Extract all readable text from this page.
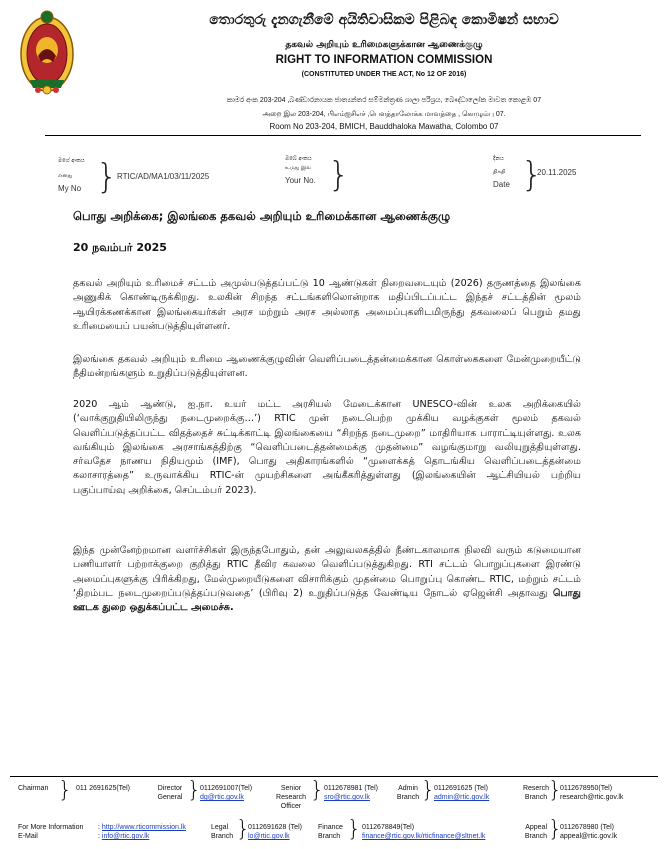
තොරතුරු දැනගැනීමේ අයිතිවාසිකම පිළිබඳ කොමිෂන් සභාව
தகவல் அறியும் உரிமைகளுக்கான ஆணைக்குழு
RIGHT TO INFORMATION COMMISSION
(CONSTITUTED UNDER THE ACT, No 12 OF 2016)
කාමර අංක 203-204 ,බණ්ඩාරනායක ජාත්‍යන්තර සම්මන්ත්‍රණ ශාලා පරිශ්‍රය, බෞද්ධාලෝක මාවත කොළඹ 07
அறை இல 203-204, பிஎம்ஐசிஎச் ,பௌத்தாலோக்க மாவத்தை , கொழும்பு 07.
Room No 203-204, BMICH, Bauddhaloka Mawatha, Colombo 07
මගේ අංකය
எனது
My No } RTIC/AD/MA1/03/11/2025
ඔබේ අංකය
உமது இல
Your No. }	දිනය
திகதி
Date }
20.11.2025
பொது அறிக்கை; இலங்கை தகவல் அறியும் உரிமைக்கான ஆணைக்குழு
20 நவம்பர் 2025
தகவல் அறியும் உரிமைச் சட்டம் அமுல்படுத்தப்பட்டு 10 ஆண்டுகள் நிறைவடையும் (2026) தருணத்தை இலங்கை அணுகிக் கொண்டிருக்கிறது. உலகின் சிறந்த சட்டங்களிலொன்றாக மதிப்பிடப்பட்ட இந்தச் சட்டத்தின் மூலம் ஆயிரக்கணக்கான இலங்கையர்கள் அரச மற்றும் அரச அல்லாத அமைப்புகளிடமிருந்து தகவலைப் பெறும் தமது உரிமையைப் பயன்படுத்தியுள்ளனர்.
இலங்கை தகவல் அறியும் உரிமை ஆணைக்குழுவின் வெளிப்படைத்தன்மைக்கான கொள்கைகளை மேன்முறையீட்டு நீதிமன்றங்களும் உறுதிப்படுத்தியுள்ளன.
2020 ஆம் ஆண்டு, ஐ.நா. உயர் மட்ட அரசியல் மேடைக்கான UNESCO-வின் உலக அறிக்கையில் (‘வாக்குறுதியிலிருந்து நடைமுறைக்கு…’) RTIC முன் நடைபெற்ற முக்கிய வழக்குகள் மூலம் தகவல் வெளிப்படுத்தப்பட்ட விதத்தைச் சுட்டிக்காட்டி இலங்கையை “சிறந்த நடைமுறை” மாதிரியாக பாராட்டியுள்ளது. உலக வங்கியும் இலங்கை அரசாங்கத்திற்கு “வெளிப்படைத்தன்மைக்கு முதன்மை” வழங்குமாறு வலியுறுத்தியுள்ளது. சர்வதேச நாணய நிதியமும் (IMF), பொது அதிகாரங்களில் “முளைக்கத் தொடங்கிய வெளிப்படைத்தன்மை கலாசாரத்தை” உருவாக்கிய RTIC-ன் முயற்சிகளை அங்கீகரித்துள்ளது (இலங்கையின் ஆட்சியியல் பற்றிய பகுப்பாய்வு அறிக்கை, செப்டம்பர் 2023).
இந்த முன்னேற்றமான வளர்ச்சிகள் இருந்தபோதும், தன் அலுவலகத்தில் நீண்டகாலமாக நிலவி வரும் கடுமையான பணியாளர் பற்றாக்குறை குறித்து RTIC தீவிர கவலை வெளிப்படுத்துகிறது. RTI சட்டம் பொறுப்புகளை இரண்டு அமைப்புகளுக்கு பிரிக்கிறது, மேல்முறையீடுகளை விசாரிக்கும் முதன்மை பொறுப்பு கொண்ட RTIC, மற்றும் சட்டம் ‘திறம்பட நடைமுறைப்படுத்தப்படுவதை’ (பிரிவு 2) உறுதிப்படுத்த வேண்டிய நோடல் ஏஜென்சி அதாவது பொது ஊடக துறை ஒதுக்கப்பட்ட அமைச்சு.
Chairman } 011 2691625(Tel)	Director General } 0112691007(Tel)
dg@rtic.gov.lk
Senior Research Officer
} 0112678981 (Tel)
sro@rtic.gov.lk
Admin Branch } 0112691625 (Tel)
admin@rtic.gov.lk
Reserch Branch }
0112678950(Tel)
research@rtic.gov.lk
For More Information
E-Mail
: http://www.rticommission.lk
: info@rtic.gov.lk
Legal Branch }
0112691628 (Tel)
lo@rtic.gov.lk
Finance Branch } 0112678849(Tel)
finance@rtic.gov.lk/rticfinance@sltnet.lk
Appeal Branch }
0112678980 (Tel)
appeal@rtic.gov.lk
